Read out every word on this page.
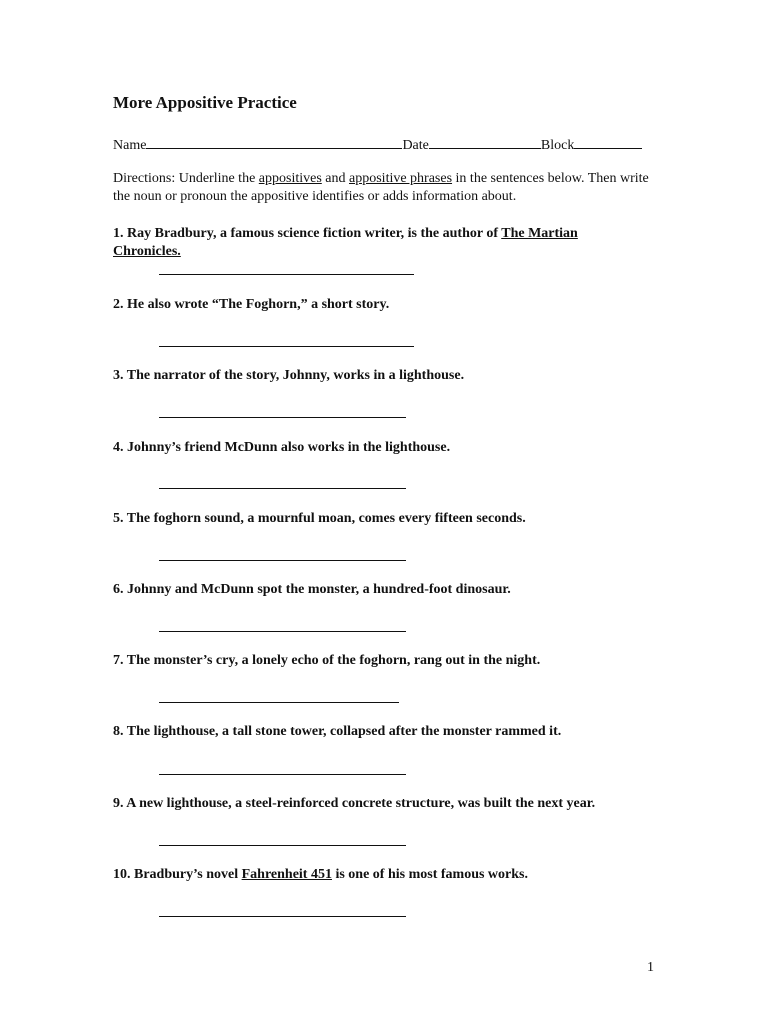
More Appositive Practice
Name	Date	Block
Directions: Underline the appositives and appositive phrases in the sentences below. Then write the noun or pronoun the appositive identifies or adds information about.
1. Ray Bradbury, a famous science fiction writer, is the author of The Martian Chronicles.
2. He also wrote “The Foghorn,” a short story.
3. The narrator of the story, Johnny, works in a lighthouse.
4. Johnny’s friend McDunn also works in the lighthouse.
5. The foghorn sound, a mournful moan, comes every fifteen seconds.
6. Johnny and McDunn spot the monster, a hundred-foot dinosaur.
7. The monster’s cry, a lonely echo of the foghorn, rang out in the night.
8. The lighthouse, a tall stone tower, collapsed after the monster rammed it.
9. A new lighthouse, a steel-reinforced concrete structure, was built the next year.
10. Bradbury’s novel Fahrenheit 451 is one of his most famous works.
1
